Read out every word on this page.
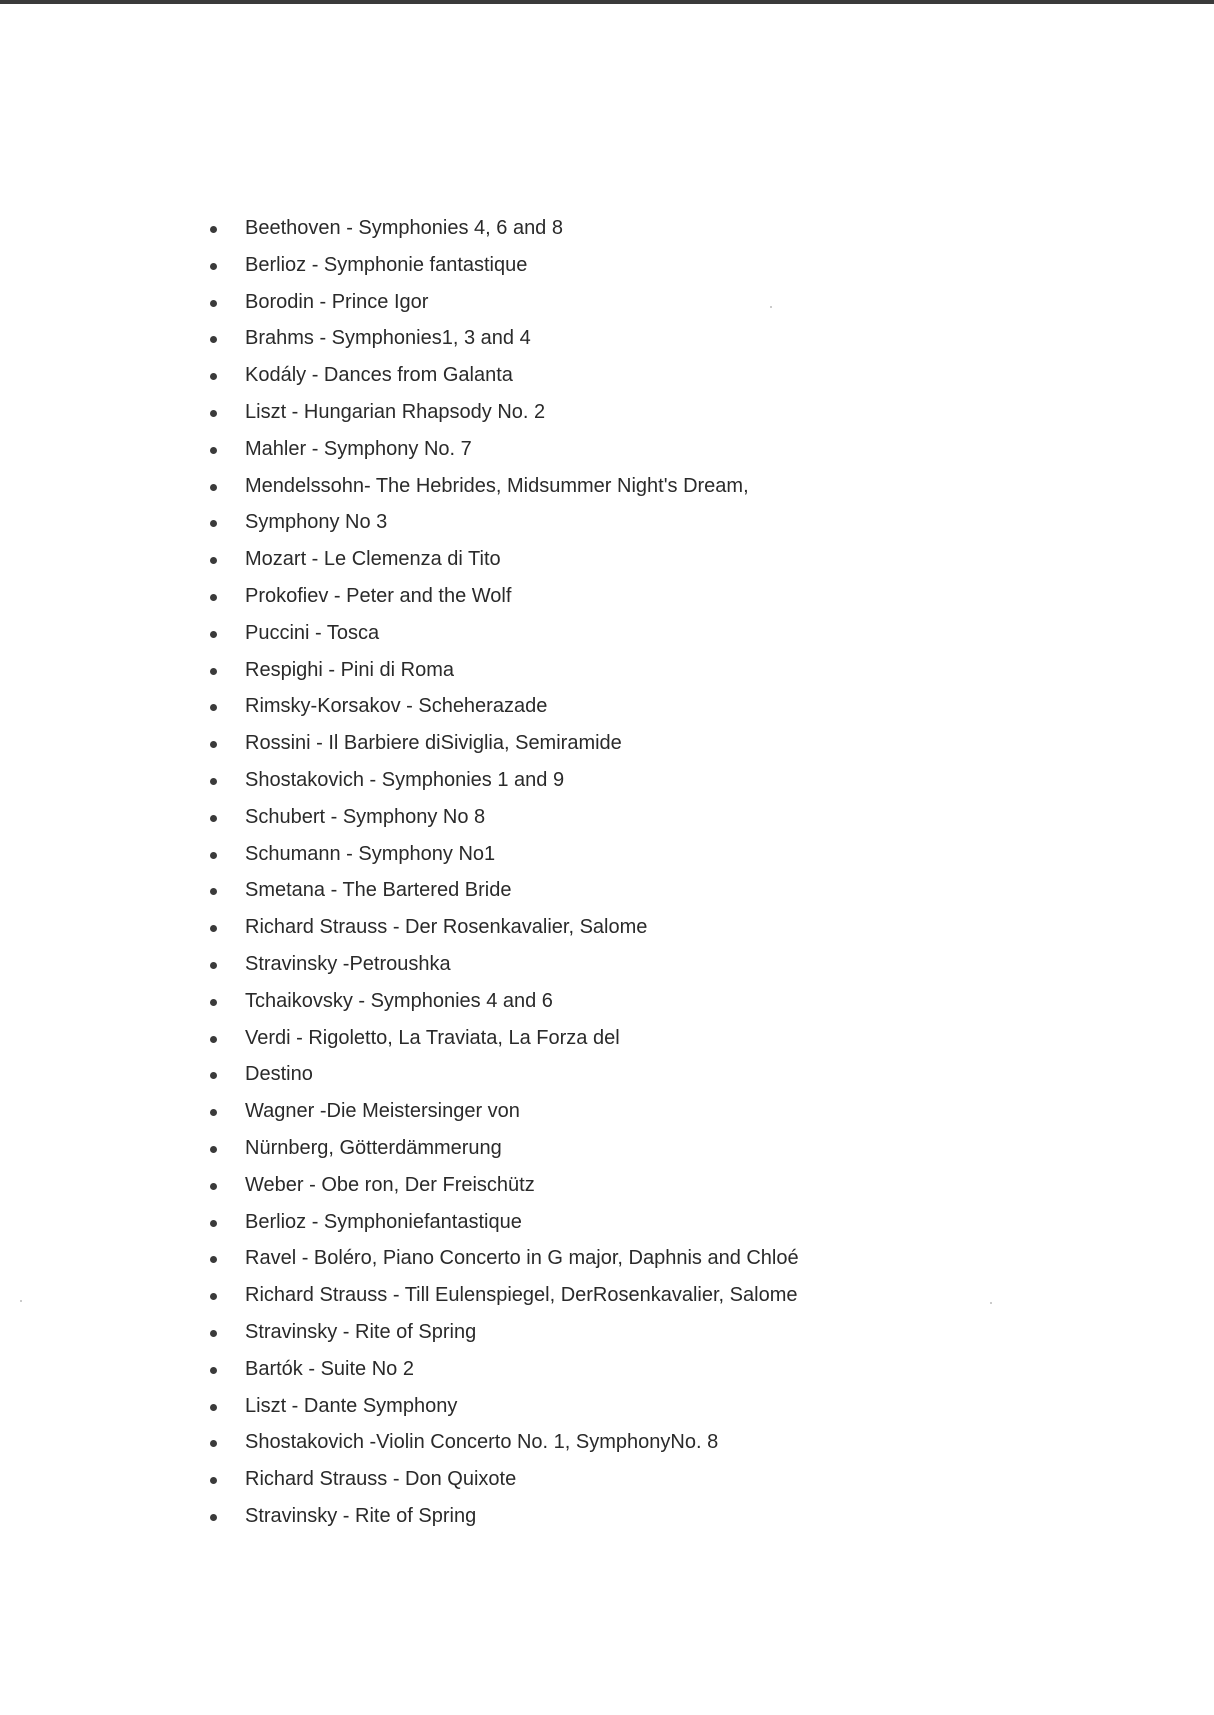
Beethoven - Symphonies 4, 6 and 8
Berlioz - Symphonie fantastique
Borodin - Prince Igor
Brahms - Symphonies1, 3 and 4
Kodály - Dances from Galanta
Liszt - Hungarian Rhapsody No. 2
Mahler - Symphony No. 7
Mendelssohn- The Hebrides, Midsummer Night's Dream,
Symphony No 3
Mozart - Le Clemenza di Tito
Prokofiev - Peter and the Wolf
Puccini - Tosca
Respighi - Pini di Roma
Rimsky-Korsakov - Scheherazade
Rossini - Il Barbiere diSiviglia, Semiramide
Shostakovich - Symphonies 1 and 9
Schubert - Symphony No 8
Schumann - Symphony No1
Smetana - The Bartered Bride
Richard Strauss - Der Rosenkavalier, Salome
Stravinsky -Petroushka
Tchaikovsky - Symphonies 4 and 6
Verdi - Rigoletto, La Traviata, La Forza del
Destino
Wagner -Die Meistersinger von
Nürnberg, Götterdämmerung
Weber - Obe ron, Der Freischütz
Berlioz - Symphoniefantastique
Ravel - Boléro, Piano Concerto in G major, Daphnis and Chloé
Richard Strauss - Till Eulenspiegel, DerRosenkavalier, Salome
Stravinsky - Rite of Spring
Bartók - Suite No 2
Liszt - Dante Symphony
Shostakovich -Violin Concerto No. 1, SymphonyNo. 8
Richard Strauss - Don Quixote
Stravinsky - Rite of Spring
